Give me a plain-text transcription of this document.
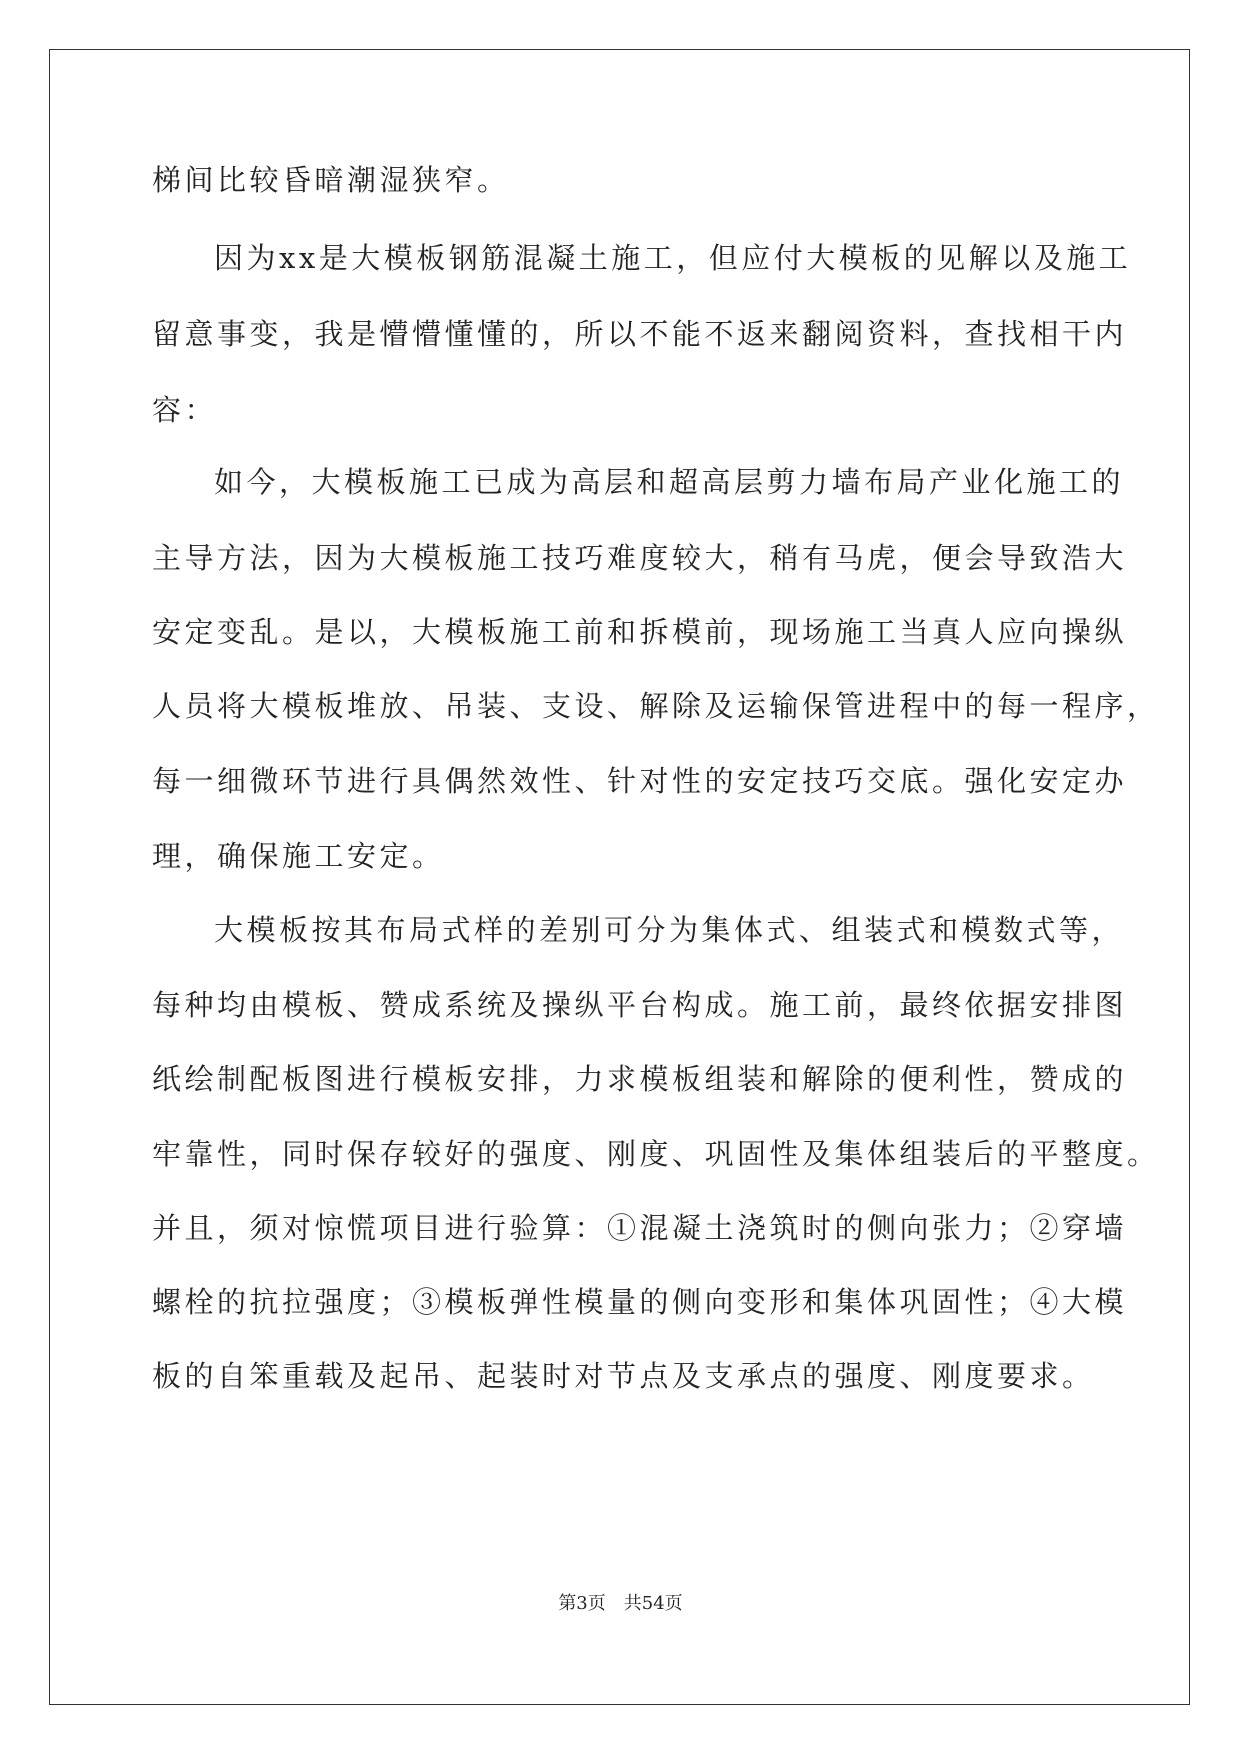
梯间比较昏暗潮湿狭窄。
因为xx是大模板钢筋混凝土施工，但应付大模板的见解以及施工
留意事变，我是懵懵懂懂的，所以不能不返来翻阅资料，查找相干内
容：
如今，大模板施工已成为高层和超高层剪力墙布局产业化施工的
主导方法，因为大模板施工技巧难度较大，稍有马虎，便会导致浩大
安定变乱。是以，大模板施工前和拆模前，现场施工当真人应向操纵
人员将大模板堆放、吊装、支设、解除及运输保管进程中的每一程序，
每一细微环节进行具偶然效性、针对性的安定技巧交底。强化安定办
理，确保施工安定。
大模板按其布局式样的差别可分为集体式、组装式和模数式等，
每种均由模板、赞成系统及操纵平台构成。施工前，最终依据安排图
纸绘制配板图进行模板安排，力求模板组装和解除的便利性，赞成的
牢靠性，同时保存较好的强度、刚度、巩固性及集体组装后的平整度。
并且，须对惊慌项目进行验算：①混凝土浇筑时的侧向张力；②穿墙
螺栓的抗拉强度；③模板弹性模量的侧向变形和集体巩固性；④大模
板的自笨重载及起吊、起装时对节点及支承点的强度、刚度要求。
第3页 共54页
